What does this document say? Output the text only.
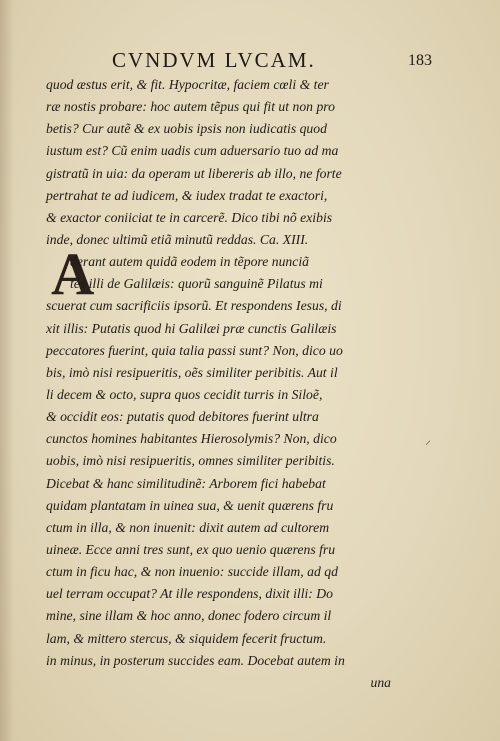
CVNDVM LVCAM.	183
A
quod æstus erit, & fit. Hypocritæ, faciem cœli & ter
ræ nostis probare: hoc autem tẽpus qui fit ut non pro
betis? Cur autẽ & ex uobis ipsis non iudicatis quod
iustum est? Cũ enim uadis cum aduersario tuo ad ma
gistratũ in uia: da operam ut libereris ab illo, ne forte
pertrahat te ad iudicem, & iudex tradat te exactori,
& exactor coniiciat te in carcerẽ. Dico tibi nõ exibis
inde, donec ultimũ etiã minutũ reddas. Ca. XIII.
derant autem quidã eodem in tẽpore nunciã
tes illi de Galilæis: quorũ sanguinẽ Pilatus mi
scuerat cum sacrificiis ipsorũ. Et respondens Iesus, di
xit illis: Putatis quod hi Galilæi præ cunctis Galilæis
peccatores fuerint, quia talia passi sunt? Non, dico uo
bis, imò nisi resipueritis, oẽs similiter peribitis. Aut il
li decem & octo, supra quos cecidit turris in Siloẽ,
& occidit eos: putatis quod debitores fuerint ultra
cunctos homines habitantes Hierosolymis? Non, dico
uobis, imò nisi resipueritis, omnes similiter peribitis.
Dicebat & hanc similitudinẽ: Arborem fici habebat
quidam plantatam in uinea sua, & uenit quærens fru
ctum in illa, & non inuenit: dixit autem ad cultorem
uineæ. Ecce anni tres sunt, ex quo uenio quærens fru
ctum in ficu hac, & non inuenio: succide illam, ad qd
uel terram occupat? At ille respondens, dixit illi: Do
mine, sine illam & hoc anno, donec fodero circum il
lam, & mittero stercus, & siquidem fecerit fructum.
in minus, in posterum succides eam. Docebat autem in
una
⸍
